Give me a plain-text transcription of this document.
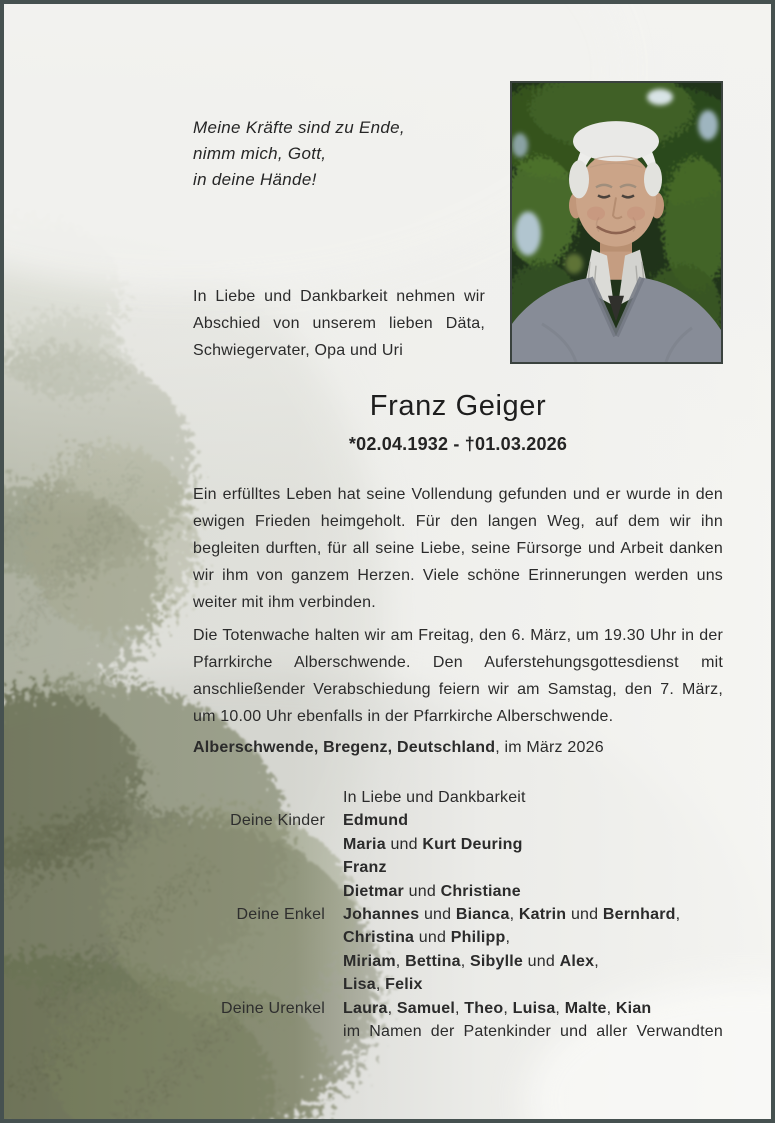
Meine Kräfte sind zu Ende,
nimm mich, Gott,
in deine Hände!
In Liebe und Dankbarkeit nehmen wir Abschied von unserem lieben Däta, Schwiegervater, Opa und Uri
Franz Geiger
*02.04.1932 - †01.03.2026
Ein erfülltes Leben hat seine Vollendung gefunden und er wurde in den ewigen Frieden heimgeholt. Für den langen Weg, auf dem wir ihn begleiten durften, für all seine Liebe, seine Fürsorge und Arbeit danken wir ihm von ganzem Herzen. Viele schöne Erinnerungen werden uns weiter mit ihm verbinden.
Die Totenwache halten wir am Freitag, den 6. März, um 19.30 Uhr in der Pfarrkirche Alberschwende. Den Auferstehungsgottesdienst mit anschließender Verabschiedung feiern wir am Samstag, den 7. März, um 10.00 Uhr ebenfalls in der Pfarrkirche Alberschwende.
Alberschwende, Bregenz, Deutschland, im März 2026
In Liebe und Dankbarkeit
Deine Kinder Edmund
Maria und Kurt Deuring
Franz
Dietmar und Christiane
Deine Enkel Johannes und Bianca, Katrin und Bernhard,
Christina und Philipp,
Miriam, Bettina, Sibylle und Alex,
Lisa, Felix
Deine Urenkel Laura, Samuel, Theo, Luisa, Malte, Kian
im Namen der Patenkinder und aller Verwandten
